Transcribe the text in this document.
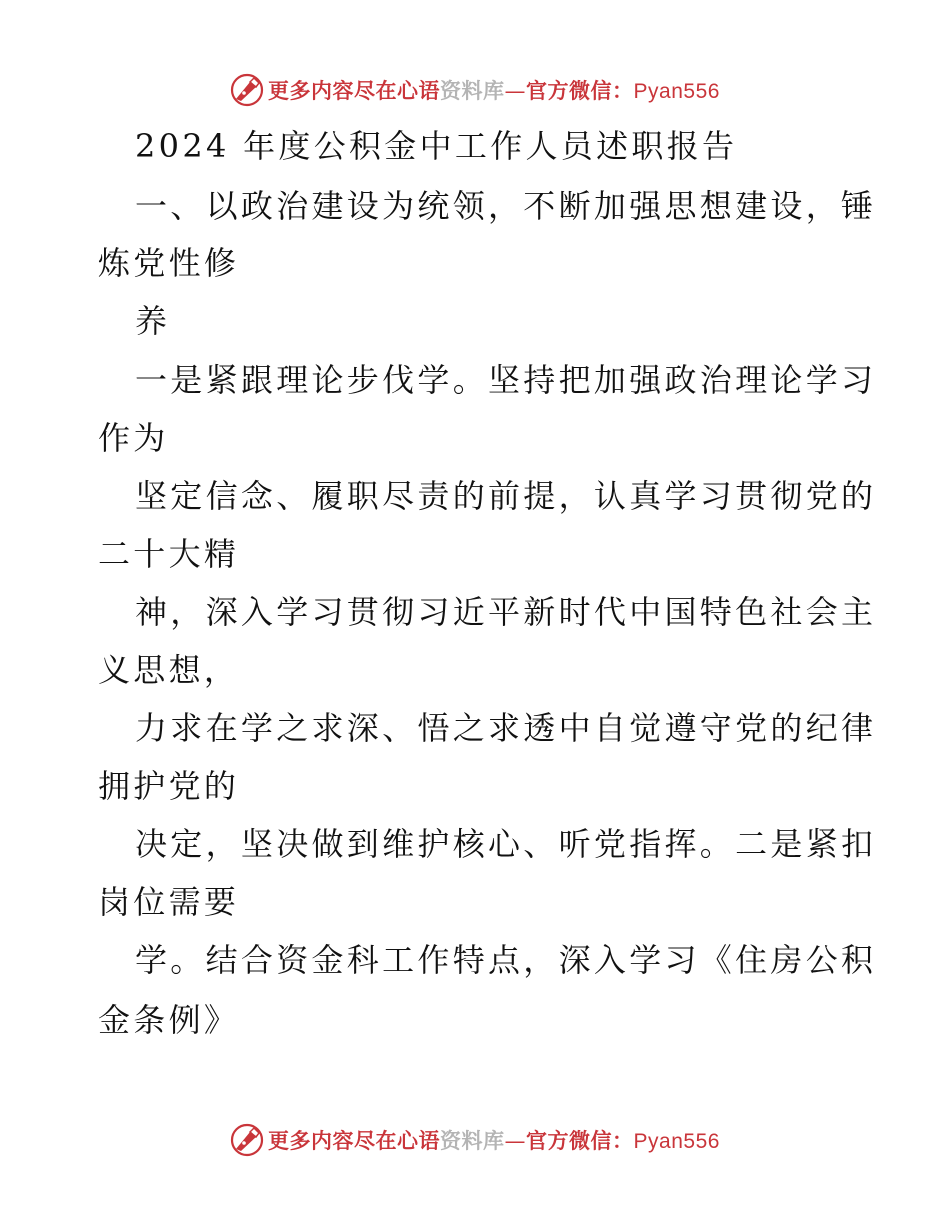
更多内容尽在心语资料库—官方微信：Pyan556
2024 年度公积金中工作人员述职报告
一、以政治建设为统领，不断加强思想建设，锤
炼党性修
养
一是紧跟理论步伐学。坚持把加强政治理论学习
作为
坚定信念、履职尽责的前提，认真学习贯彻党的
二十大精
神，深入学习贯彻习近平新时代中国特色社会主
义思想，
力求在学之求深、悟之求透中自觉遵守党的纪律
拥护党的
决定，坚决做到维护核心、听党指挥。二是紧扣
岗位需要
学。结合资金科工作特点，深入学习《住房公积
金条例》
更多内容尽在心语资料库—官方微信：Pyan556
